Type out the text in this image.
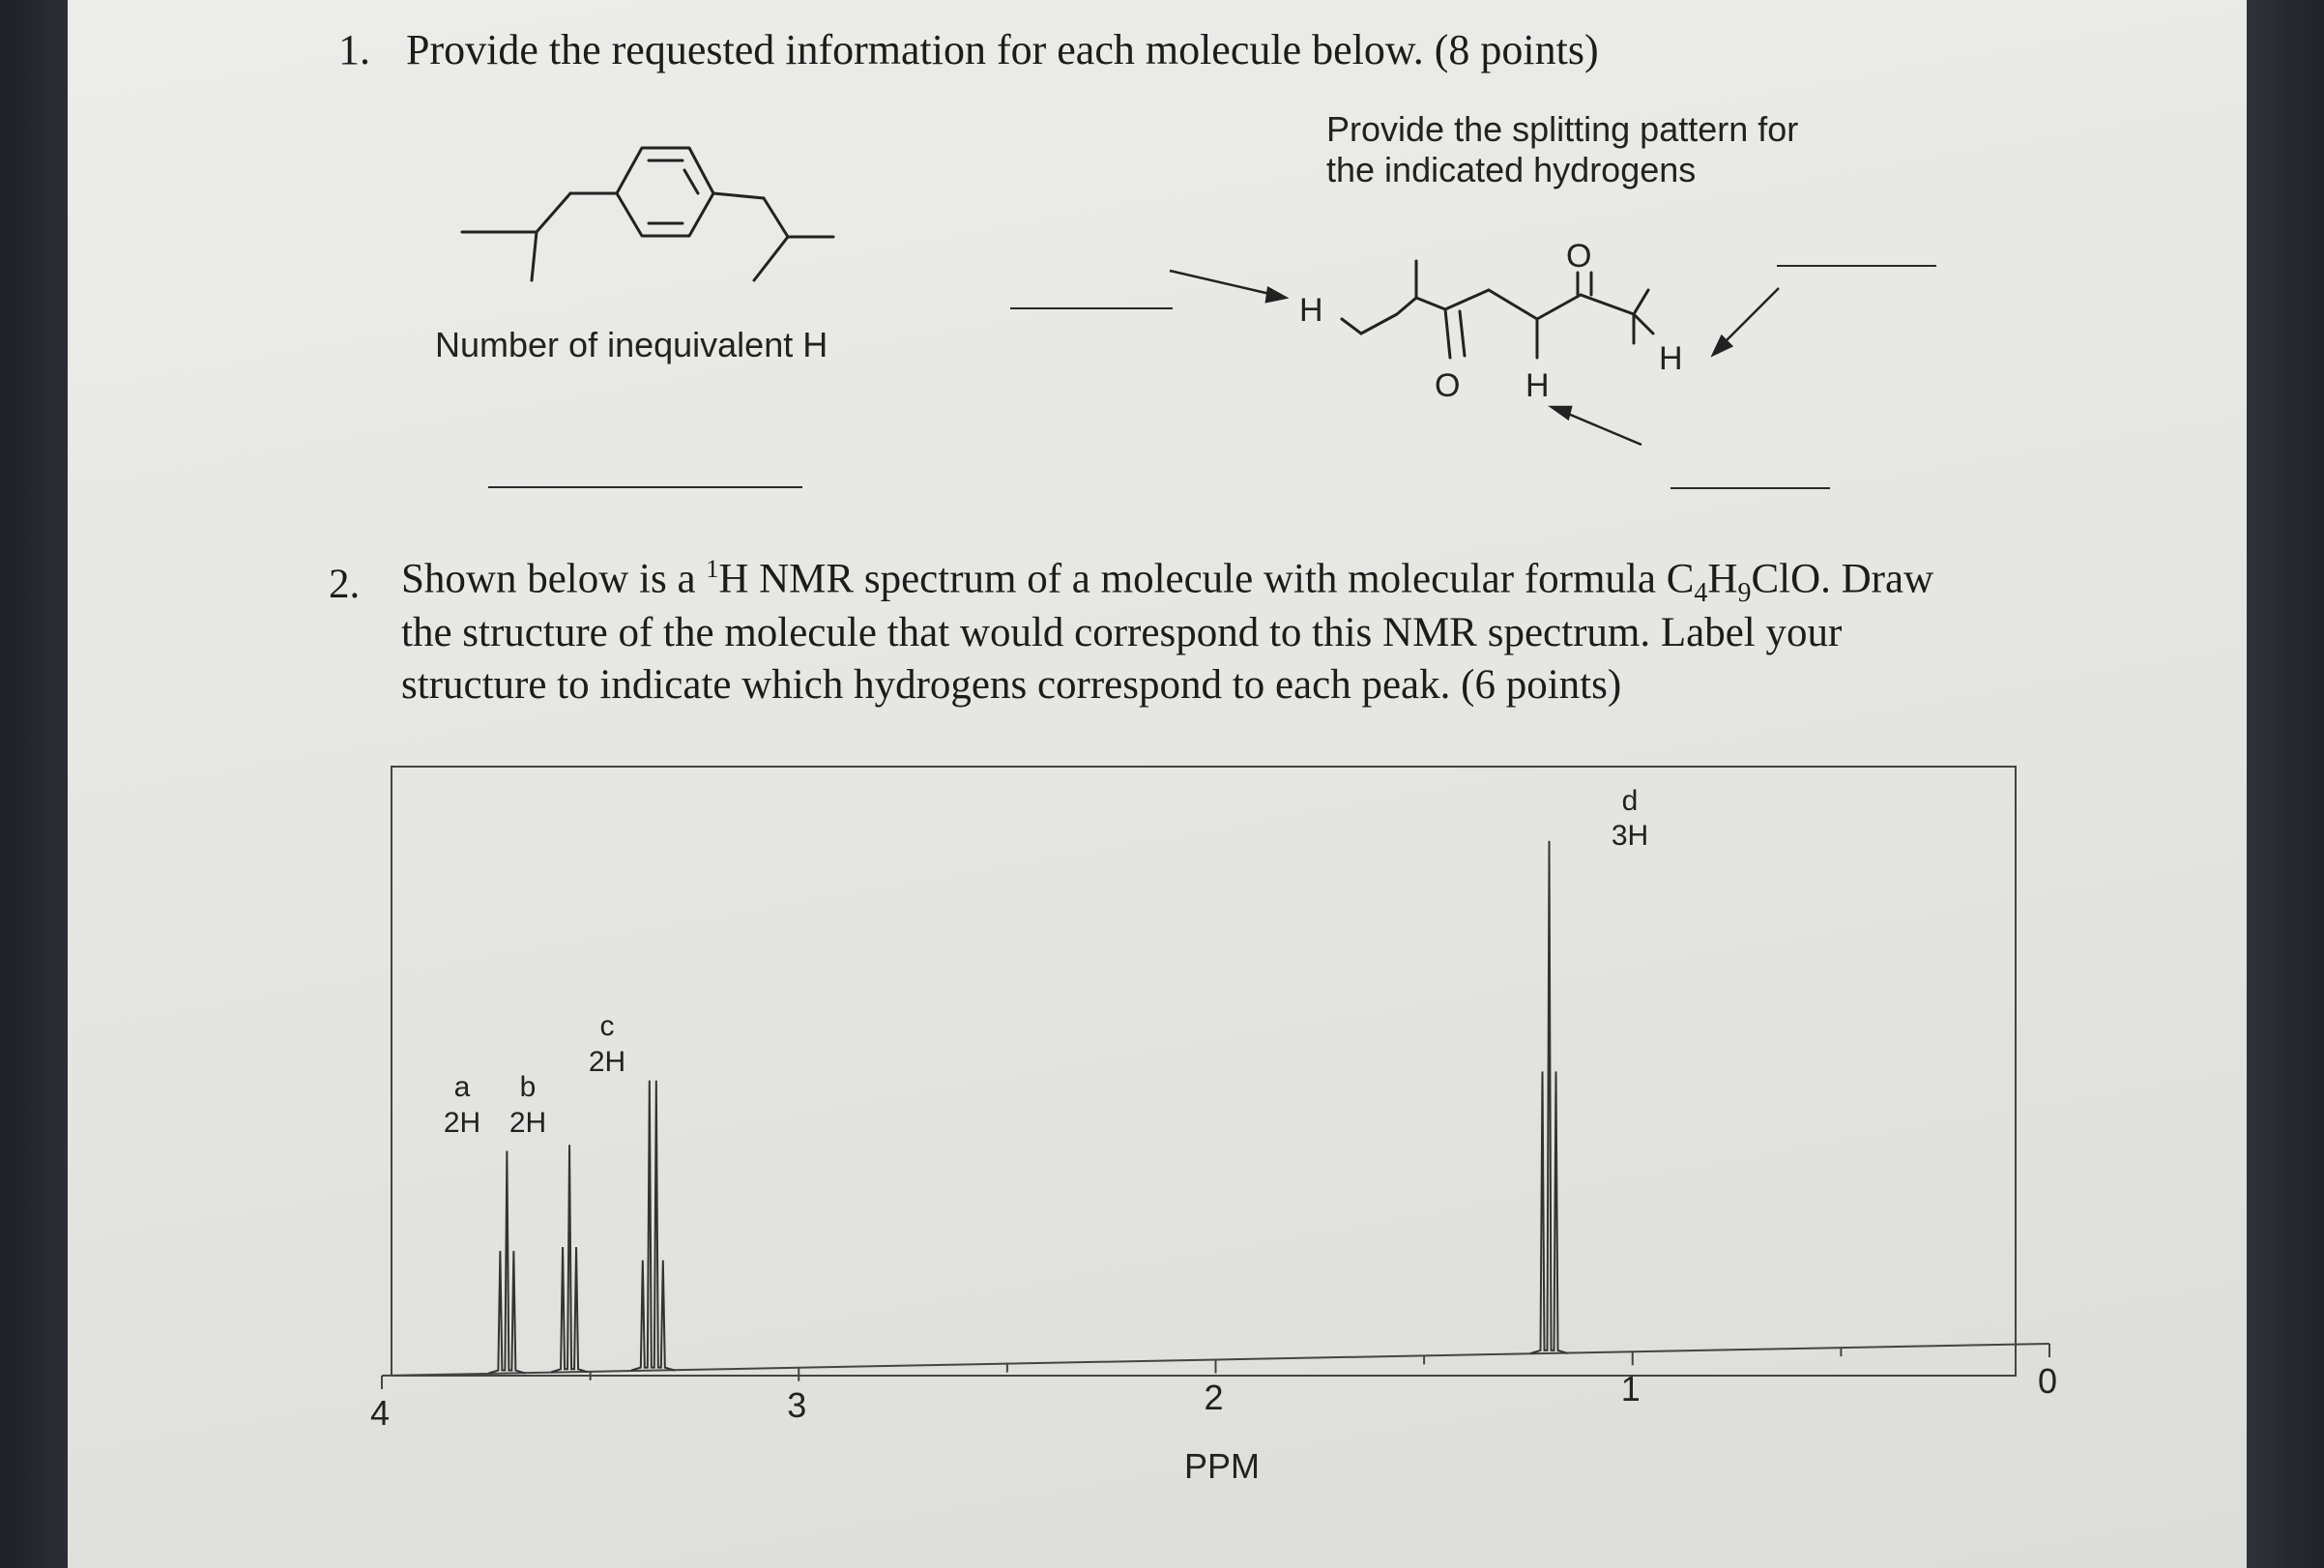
1. Provide the requested information for each molecule below. (8 points)
Number of inequivalent H
Provide the splitting pattern for
the indicated hydrogens
H
O
O H
H
2. Shown below is a $^1$H NMR spectrum of a molecule with molecular formula $C_4H_9ClO$. Draw
the structure of the molecule that would correspond to this NMR spectrum. Label your
structure to indicate which hydrogens correspond to each peak. (6 points)
4	3	2	1	0
PPM
a
2H
b
2H
c
2H
d
3H
